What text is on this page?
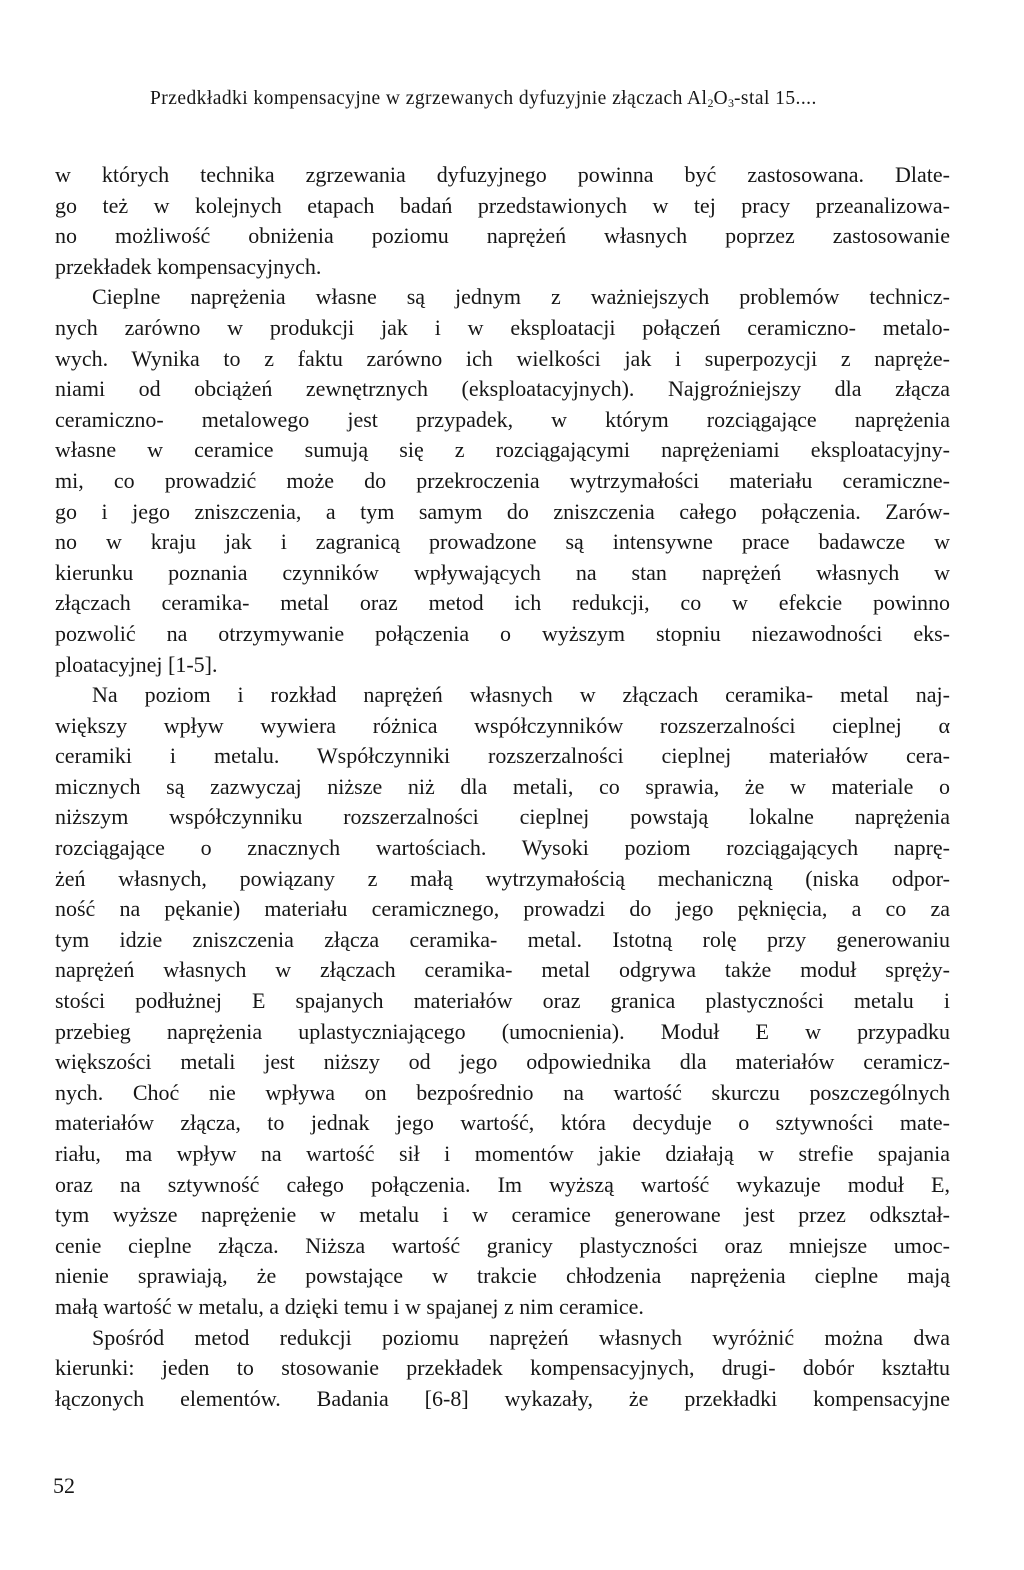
Przedkładki kompensacyjne w zgrzewanych dyfuzyjnie złączach $Al_2O_3$-stal 15....
w których technika zgrzewania dyfuzyjnego powinna być zastosowana. Dlate-
go też w kolejnych etapach badań przedstawionych w tej pracy przeanalizowa-
no możliwość obniżenia poziomu naprężeń własnych poprzez zastosowanie
przekładek kompensacyjnych.
Cieplne naprężenia własne są jednym z ważniejszych problemów technicz-
nych zarówno w produkcji jak i w eksploatacji połączeń ceramiczno- metalo-
wych. Wynika to z faktu zarówno ich wielkości jak i superpozycji z napręże-
niami od obciążeń zewnętrznych (eksploatacyjnych). Najgroźniejszy dla złącza
ceramiczno- metalowego jest przypadek, w którym rozciągające naprężenia
własne w ceramice sumują się z rozciągającymi naprężeniami eksploatacyjny-
mi, co prowadzić może do przekroczenia wytrzymałości materiału ceramiczne-
go i jego zniszczenia, a tym samym do zniszczenia całego połączenia. Zarów-
no w kraju jak i zagranicą prowadzone są intensywne prace badawcze w
kierunku poznania czynników wpływających na stan naprężeń własnych w
złączach ceramika- metal oraz metod ich redukcji, co w efekcie powinno
pozwolić na otrzymywanie połączenia o wyższym stopniu niezawodności eks-
ploatacyjnej [1-5].
Na poziom i rozkład naprężeń własnych w złączach ceramika- metal naj-
większy wpływ wywiera różnica współczynników rozszerzalności cieplnej α
ceramiki i metalu. Współczynniki rozszerzalności cieplnej materiałów cera-
micznych są zazwyczaj niższe niż dla metali, co sprawia, że w materiale o
niższym współczynniku rozszerzalności cieplnej powstają lokalne naprężenia
rozciągające o znacznych wartościach. Wysoki poziom rozciągających naprę-
żeń własnych, powiązany z małą wytrzymałością mechaniczną (niska odpor-
ność na pękanie) materiału ceramicznego, prowadzi do jego pęknięcia, a co za
tym idzie zniszczenia złącza ceramika- metal. Istotną rolę przy generowaniu
naprężeń własnych w złączach ceramika- metal odgrywa także moduł spręży-
stości podłużnej E spajanych materiałów oraz granica plastyczności metalu i
przebieg naprężenia uplastyczniającego (umocnienia). Moduł E w przypadku
większości metali jest niższy od jego odpowiednika dla materiałów ceramicz-
nych. Choć nie wpływa on bezpośrednio na wartość skurczu poszczególnych
materiałów złącza, to jednak jego wartość, która decyduje o sztywności mate-
riału, ma wpływ na wartość sił i momentów jakie działają w strefie spajania
oraz na sztywność całego połączenia. Im wyższą wartość wykazuje moduł E,
tym wyższe naprężenie w metalu i w ceramice generowane jest przez odkształ-
cenie cieplne złącza. Niższa wartość granicy plastyczności oraz mniejsze umoc-
nienie sprawiają, że powstające w trakcie chłodzenia naprężenia cieplne mają
małą wartość w metalu, a dzięki temu i w spajanej z nim ceramice.
Spośród metod redukcji poziomu naprężeń własnych wyróżnić można dwa
kierunki: jeden to stosowanie przekładek kompensacyjnych, drugi- dobór kształtu
łączonych elementów. Badania [6-8] wykazały, że przekładki kompensacyjne
52
